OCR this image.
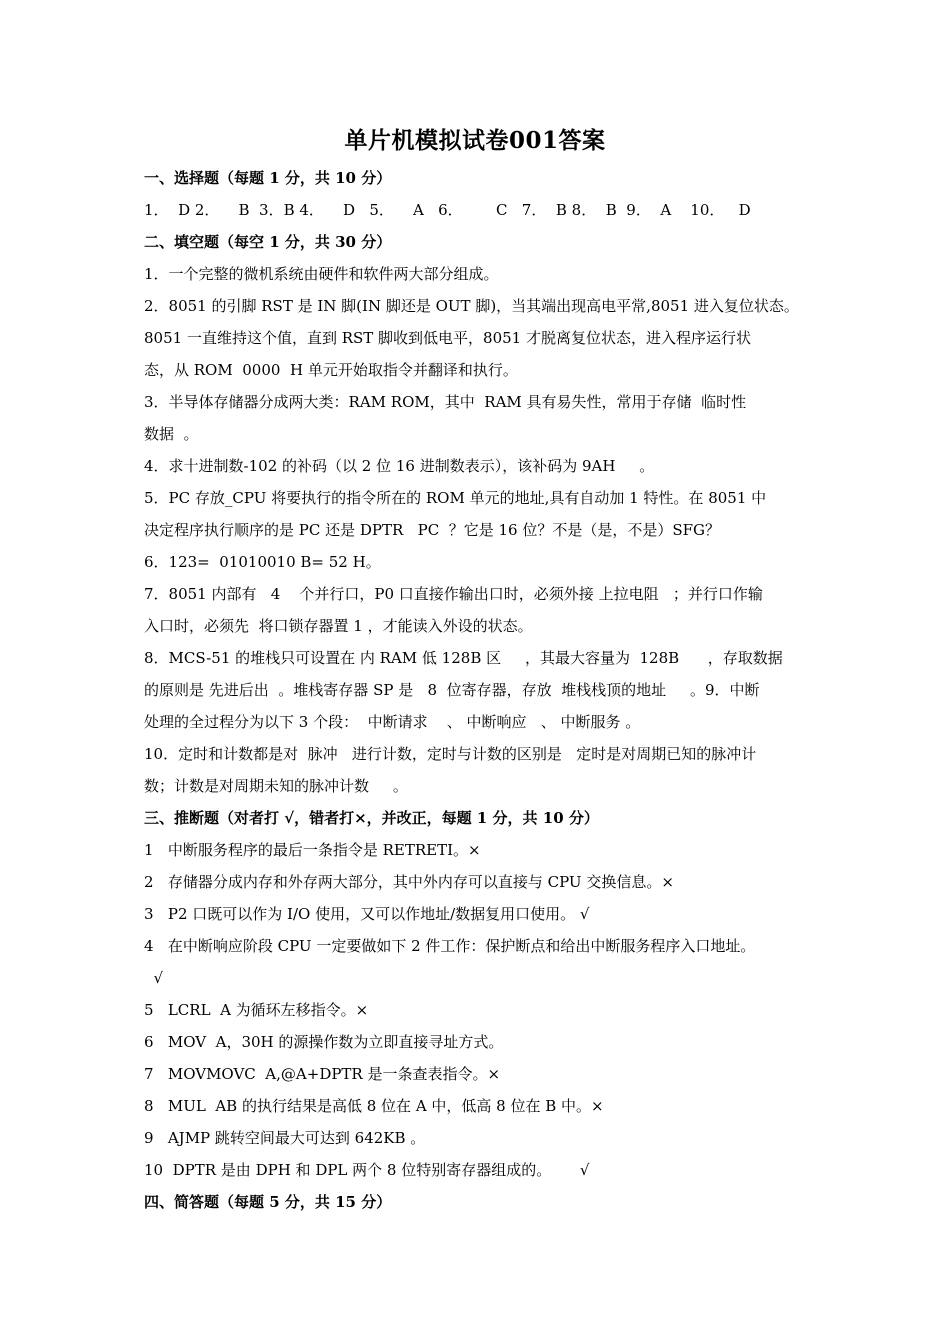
单片机模拟试卷001答案
一、选择题（每题 1 分，共 10 分）
1．  D 2．    B  3．B 4．    D   5．    A   6．       C   7．  B 8．  B  9．  A    10．   D
二、填空题（每空 1 分，共 30 分）
1．一个完整的微机系统由硬件和软件两大部分组成。
2．8051 的引脚 RST 是 IN 脚(IN 脚还是 OUT 脚)，当其端出现高电平常,8051 进入复位状态。
8051 一直维持这个值，直到 RST 脚收到低电平，8051 才脱离复位状态，进入程序运行状
态，从 ROM  0000  H 单元开始取指令并翻译和执行。
3．半导体存储器分成两大类：RAM ROM，其中  RAM 具有易失性，常用于存储  临时性
数据  。
4．求十进制数-102 的补码（以 2 位 16 进制数表示），该补码为 9AH     。
5．PC 存放_CPU 将要执行的指令所在的 ROM 单元的地址,具有自动加 1 特性。在 8051 中
决定程序执行顺序的是 PC 还是 DPTR   PC  ？它是 16 位？不是（是，不是）SFG？
6．123=  01010010 B= 52 H。
7．8051 内部有   4    个并行口，P0 口直接作输出口时，必须外接 上拉电阻   ；并行口作输
入口时，必须先  将口锁存器置 1 ，才能读入外设的状态。
8．MCS-51 的堆栈只可设置在 内 RAM 低 128B 区     ，其最大容量为  128B      ，存取数据
的原则是 先进后出  。堆栈寄存器 SP 是   8  位寄存器，存放  堆栈栈顶的地址     。9．中断
处理的全过程分为以下 3 个段：  中断请求    、 中断响应   、 中断服务 。
10．定时和计数都是对  脉冲   进行计数，定时与计数的区别是   定时是对周期已知的脉冲计
数；计数是对周期未知的脉冲计数     。
三、推断题（对者打 √，错者打×，并改正，每题 1 分，共 10 分）
1   中断服务程序的最后一条指令是 RETRETI。×
2   存储器分成内存和外存两大部分，其中外内存可以直接与 CPU 交换信息。×
3   P2 口既可以作为 I/O 使用，又可以作地址/数据复用口使用。 √
4   在中断响应阶段 CPU 一定要做如下 2 件工作：保护断点和给出中断服务程序入口地址。
√
5   LCRL  A 为循环左移指令。×
6   MOV  A，30H 的源操作数为立即直接寻址方式。
7   MOVMOVC  A,@A+DPTR 是一条查表指令。×
8   MUL  AB 的执行结果是高低 8 位在 A 中，低高 8 位在 B 中。×
9   AJMP 跳转空间最大可达到 642KB 。
10  DPTR 是由 DPH 和 DPL 两个 8 位特别寄存器组成的。      √
四、简答题（每题 5 分，共 15 分）
